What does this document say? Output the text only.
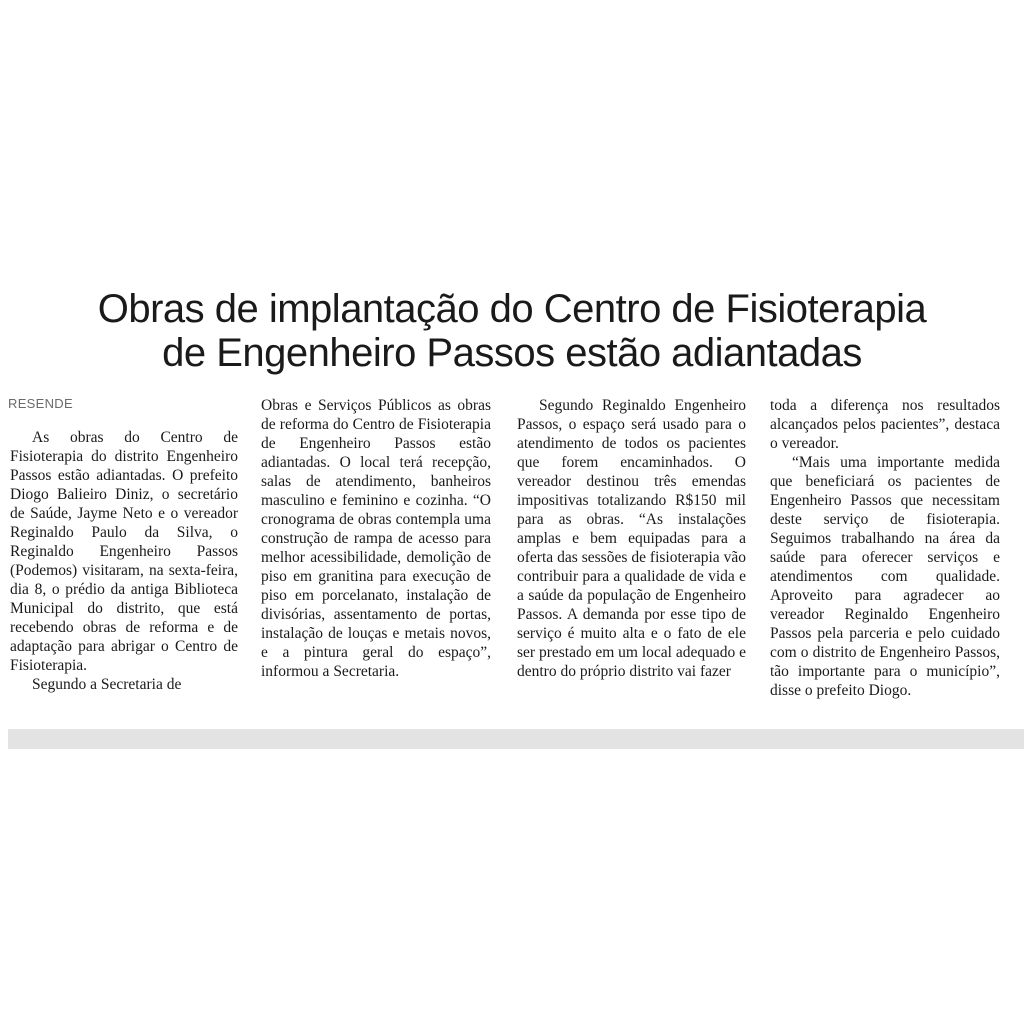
Obras de implantação do Centro de Fisioterapia
de Engenheiro Passos estão adiantadas
RESENDE

As obras do Centro de Fisioterapia do distrito Engenheiro Passos estão adiantadas. O prefeito Diogo Balieiro Diniz, o secretário de Saúde, Jayme Neto e o vereador Reginaldo Paulo da Silva, o Reginaldo Engenheiro Passos (Podemos) visitaram, na sexta-feira, dia 8, o prédio da antiga Biblioteca Municipal do distrito, que está recebendo obras de reforma e de adaptação para abrigar o Centro de Fisioterapia.

Segundo a Secretaria de

Obras e Serviços Públicos as obras de reforma do Centro de Fisioterapia de Engenheiro Passos estão adiantadas. O local terá recepção, salas de atendimento, banheiros masculino e feminino e cozinha. “O cronograma de obras contempla uma construção de rampa de acesso para melhor acessibilidade, demolição de piso em granitina para execução de piso em porcelanato, instalação de divisórias, assentamento de portas, instalação de louças e metais novos, e a pintura geral do espaço”, informou a Secretaria.

Segundo Reginaldo Engenheiro Passos, o espaço será usado para o atendimento de todos os pacientes que forem encaminhados. O vereador destinou três emendas impositivas totalizando R$150 mil para as obras. “As instalações amplas e bem equipadas para a oferta das sessões de fisioterapia vão contribuir para a qualidade de vida e a saúde da população de Engenheiro Passos. A demanda por esse tipo de serviço é muito alta e o fato de ele ser prestado em um local adequado e dentro do próprio distrito vai fazer

toda a diferença nos resultados alcançados pelos pacientes”, destaca o vereador.

“Mais uma importante medida que beneficiará os pacientes de Engenheiro Passos que necessitam deste serviço de fisioterapia. Seguimos trabalhando na área da saúde para oferecer serviços e atendimentos com qualidade. Aproveito para agradecer ao vereador Reginaldo Engenheiro Passos pela parceria e pelo cuidado com o distrito de Engenheiro Passos, tão importante para o município”, disse o prefeito Diogo.
